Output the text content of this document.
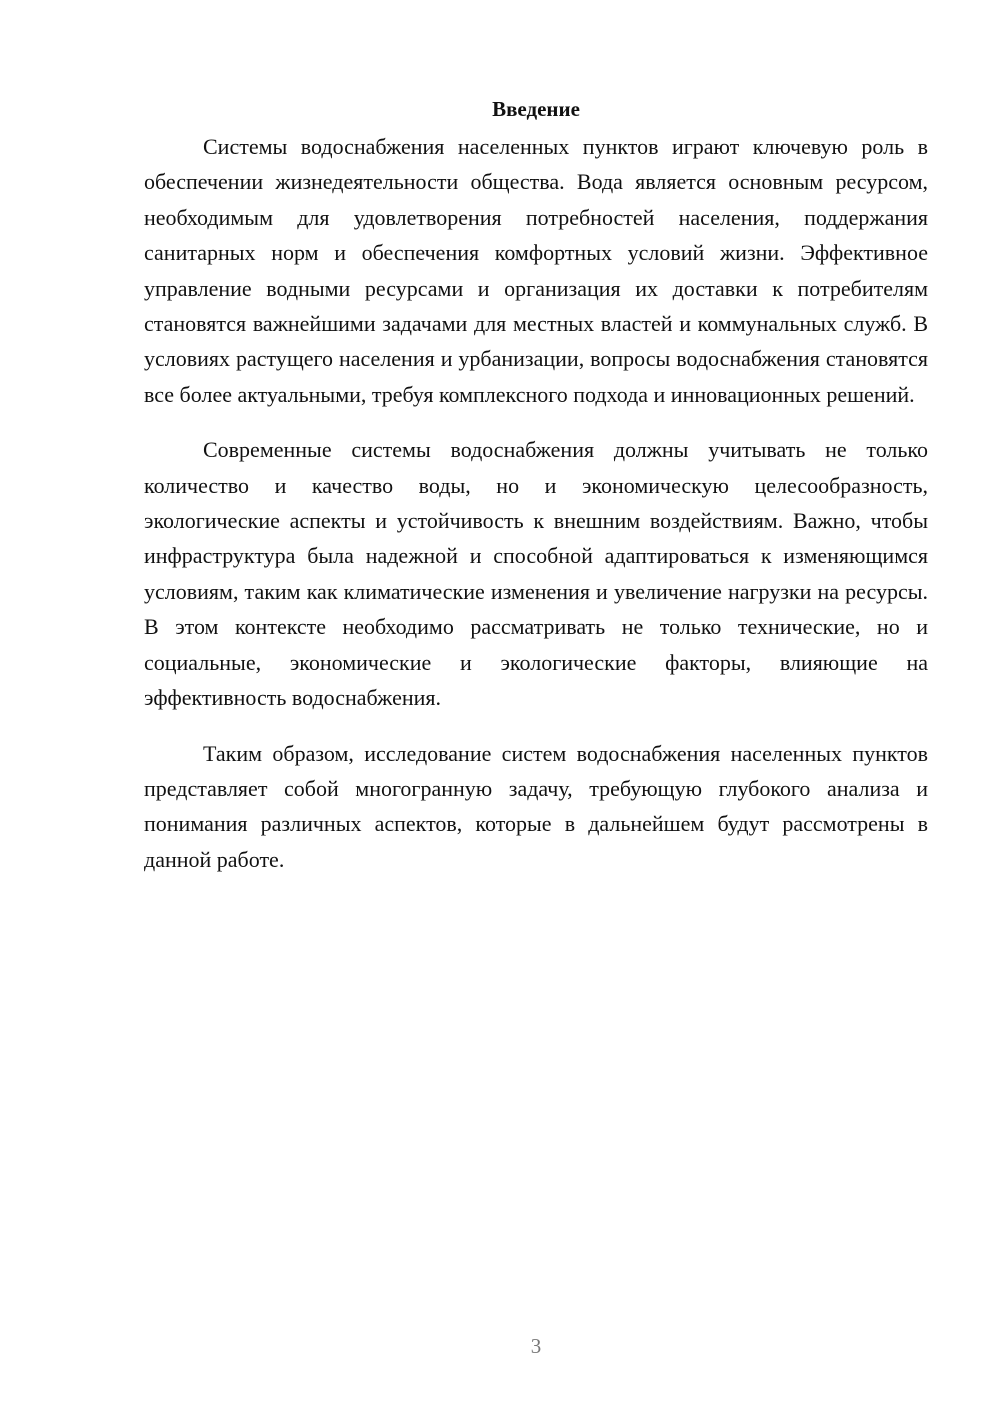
Введение

Системы водоснабжения населенных пунктов играют ключевую роль в обеспечении жизнедеятельности общества. Вода является основным ресурсом, необходимым для удовлетворения потребностей населения, поддержания санитарных норм и обеспечения комфортных условий жизни. Эффективное управление водными ресурсами и организация их доставки к потребителям становятся важнейшими задачами для местных властей и коммунальных служб. В условиях растущего населения и урбанизации, вопросы водоснабжения становятся все более актуальными, требуя комплексного подхода и инновационных решений.

Современные системы водоснабжения должны учитывать не только количество и качество воды, но и экономическую целесообразность, экологические аспекты и устойчивость к внешним воздействиям. Важно, чтобы инфраструктура была надежной и способной адаптироваться к изменяющимся условиям, таким как климатические изменения и увеличение нагрузки на ресурсы. В этом контексте необходимо рассматривать не только технические, но и социальные, экономические и экологические факторы, влияющие на эффективность водоснабжения.

Таким образом, исследование систем водоснабжения населенных пунктов представляет собой многогранную задачу, требующую глубокого анализа и понимания различных аспектов, которые в дальнейшем будут рассмотрены в данной работе.

3
